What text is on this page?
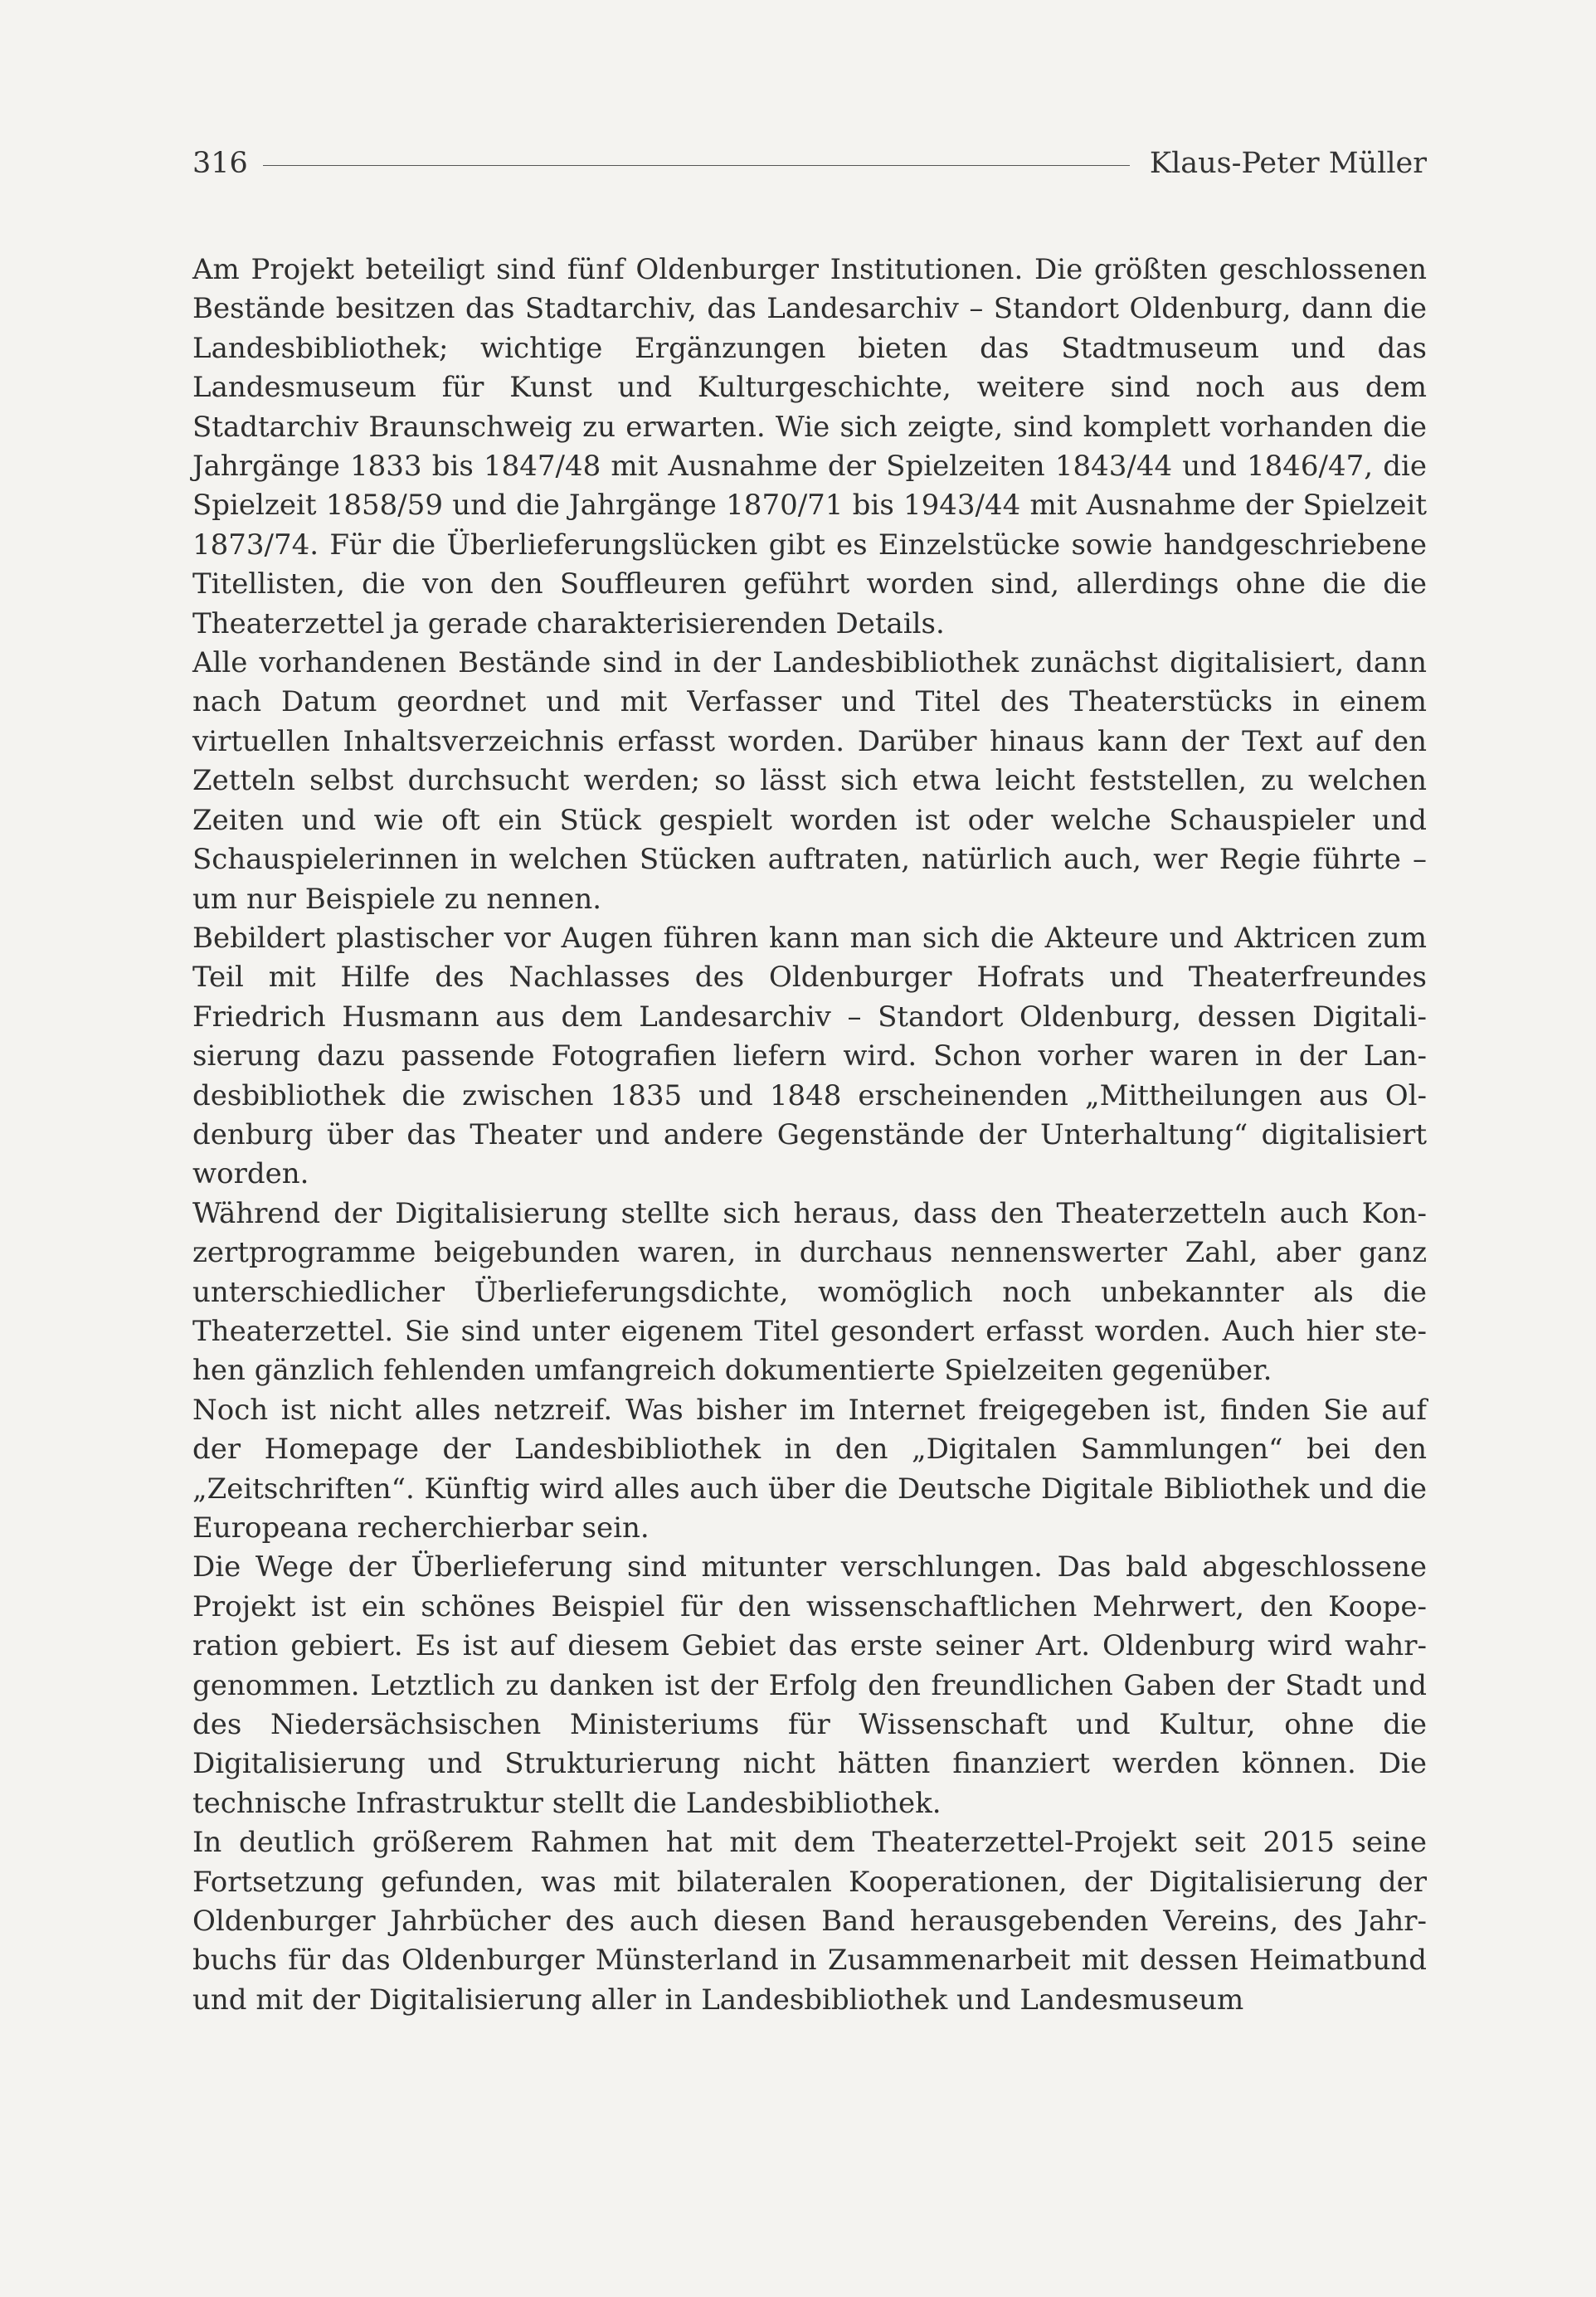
316	Klaus-Peter Müller

Am Projekt beteiligt sind fünf Oldenburger Institutionen. Die größten geschlossenen Bestände besitzen das Stadtarchiv, das Landesarchiv – Standort Oldenburg, dann die Landesbibliothek; wichtige Ergänzungen bieten das Stadtmuseum und das Landesmuseum für Kunst und Kulturgeschichte, weitere sind noch aus dem Stadtarchiv Braunschweig zu erwarten. Wie sich zeigte, sind komplett vorhanden die Jahrgänge 1833 bis 1847/48 mit Ausnahme der Spielzeiten 1843/44 und 1846/47, die Spielzeit 1858/59 und die Jahrgänge 1870/71 bis 1943/44 mit Ausnahme der Spielzeit 1873/74. Für die Überlieferungslücken gibt es Einzelstücke sowie handgeschriebene Titellisten, die von den Souffleuren geführt worden sind, allerdings ohne die die Theaterzettel ja gerade charakterisierenden Details.

Alle vorhandenen Bestände sind in der Landesbibliothek zunächst digitalisiert, dann nach Datum geordnet und mit Verfasser und Titel des Theaterstücks in einem virtuellen Inhaltsverzeichnis erfasst worden. Darüber hinaus kann der Text auf den Zetteln selbst durchsucht werden; so lässt sich etwa leicht feststellen, zu welchen Zeiten und wie oft ein Stück gespielt worden ist oder welche Schauspieler und Schauspielerinnen in welchen Stücken auftraten, natürlich auch, wer Regie führte – um nur Beispiele zu nennen.

Bebildert plastischer vor Augen führen kann man sich die Akteure und Aktricen zum Teil mit Hilfe des Nachlasses des Oldenburger Hofrats und Theaterfreundes Friedrich Husmann aus dem Landesarchiv – Standort Oldenburg, dessen Digitalisierung dazu passende Fotografien liefern wird. Schon vorher waren in der Landesbibliothek die zwischen 1835 und 1848 erscheinenden „Mittheilungen aus Oldenburg über das Theater und andere Gegenstände der Unterhaltung“ digitalisiert worden.

Während der Digitalisierung stellte sich heraus, dass den Theaterzetteln auch Konzertprogramme beigebunden waren, in durchaus nennenswerter Zahl, aber ganz unterschiedlicher Überlieferungsdichte, womöglich noch unbekannter als die Theaterzettel. Sie sind unter eigenem Titel gesondert erfasst worden. Auch hier stehen gänzlich fehlenden umfangreich dokumentierte Spielzeiten gegenüber.

Noch ist nicht alles netzreif. Was bisher im Internet freigegeben ist, finden Sie auf der Homepage der Landesbibliothek in den „Digitalen Sammlungen“ bei den „Zeitschriften“. Künftig wird alles auch über die Deutsche Digitale Bibliothek und die Europeana recherchierbar sein.

Die Wege der Überlieferung sind mitunter verschlungen. Das bald abgeschlossene Projekt ist ein schönes Beispiel für den wissenschaftlichen Mehrwert, den Kooperation gebiert. Es ist auf diesem Gebiet das erste seiner Art. Oldenburg wird wahrgenommen. Letztlich zu danken ist der Erfolg den freundlichen Gaben der Stadt und des Niedersächsischen Ministeriums für Wissenschaft und Kultur, ohne die Digitalisierung und Strukturierung nicht hätten finanziert werden können. Die technische Infrastruktur stellt die Landesbibliothek.

In deutlich größerem Rahmen hat mit dem Theaterzettel-Projekt seit 2015 seine Fortsetzung gefunden, was mit bilateralen Kooperationen, der Digitalisierung der Oldenburger Jahrbücher des auch diesen Band herausgebenden Vereins, des Jahrbuchs für das Oldenburger Münsterland in Zusammenarbeit mit dessen Heimatbund und mit der Digitalisierung aller in Landesbibliothek und Landesmuseum
